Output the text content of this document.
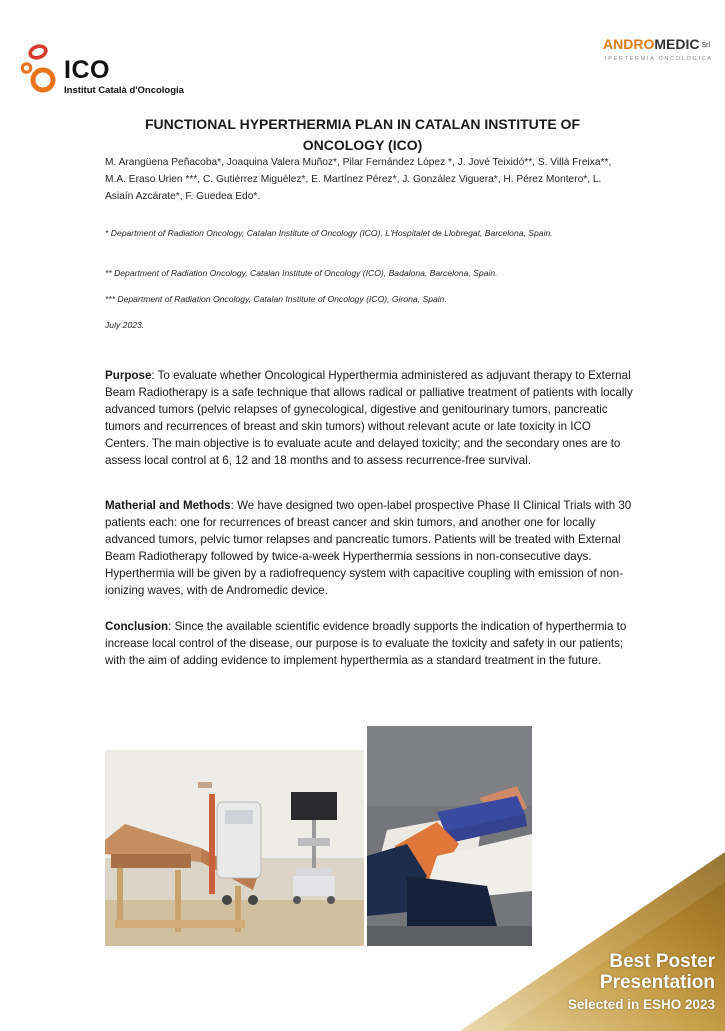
ICO
Institut Català d'Oncologia
ANDROMEDIC Srl
IPERTERMIA ONCOLOGICA
FUNCTIONAL HYPERTHERMIA PLAN IN CATALAN INSTITUTE OF
ONCOLOGY (ICO)
M. Arangüena Peñacoba*, Joaquina Valera Muñoz*, Pilar Fernández López *, J. Jové Teixidó**, S. Villà Freixa**, M.A. Eraso Urien ***, C. Gutiérrez Miguélez*, E. Martínez Pérez*, J. González Viguera*, H. Pérez Montero*, L. Asiaín Azcárate*, F. Guedea Edo*.
* Department of Radiation Oncology, Catalan Institute of Oncology (ICO), L'Hospitalet de Llobregat, Barcelona, Spain.
** Department of Radiation Oncology, Catalan Institute of Oncology (ICO), Badalona, Barcelona, Spain.
*** Department of Radiation Oncology, Catalan Institute of Oncology (ICO), Girona, Spain.
July 2023.
Purpose: To evaluate whether Oncological Hyperthermia administered as adjuvant therapy to External Beam Radiotherapy is a safe technique that allows radical or palliative treatment of patients with locally advanced tumors (pelvic relapses of gynecological, digestive and genitourinary tumors, pancreatic tumors and recurrences of breast and skin tumors) without relevant acute or late toxicity in ICO Centers. The main objective is to evaluate acute and delayed toxicity; and the secondary ones are to assess local control at 6, 12 and 18 months and to assess recurrence-free survival.
Matherial and Methods: We have designed two open-label prospective Phase II Clinical Trials with 30 patients each: one for recurrences of breast cancer and skin tumors, and another one for locally advanced tumors, pelvic tumor relapses and pancreatic tumors. Patients will be treated with External Beam Radiotherapy followed by twice-a-week Hyperthermia sessions in non-consecutive days. Hyperthermia will be given by a radiofrequency system with capacitive coupling with emission of non-ionizing waves, with de Andromedic device.
Conclusion: Since the available scientific evidence broadly supports the indication of hyperthermia to increase local control of the disease, our purpose is to evaluate the toxicity and safety in our patients; with the aim of adding evidence to implement hyperthermia as a standard treatment in the future.
Best Poster
Presentation
Selected in ESHO 2023
